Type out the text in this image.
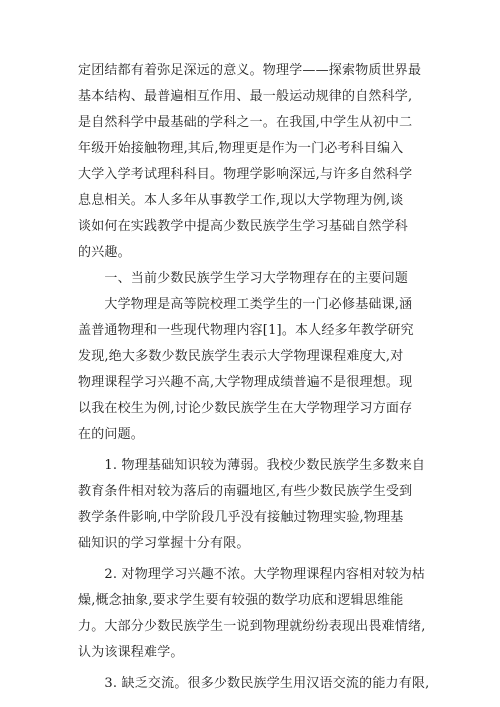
定团结都有着弥足深远的意义。物理学——探索物质世界最
基本结构、最普遍相互作用、最一般运动规律的自然科学,
是自然科学中最基础的学科之一。在我国,中学生从初中二
年级开始接触物理,其后,物理更是作为一门必考科目编入
大学入学考试理科科目。物理学影响深远,与许多自然科学
息息相关。本人多年从事教学工作,现以大学物理为例,谈
谈如何在实践教学中提高少数民族学生学习基础自然学科
的兴趣。
　　一、当前少数民族学生学习大学物理存在的主要问题
　　大学物理是高等院校理工类学生的一门必修基础课,涵
盖普通物理和一些现代物理内容[1]。本人经多年教学研究
发现,绝大多数少数民族学生表示大学物理课程难度大,对
物理课程学习兴趣不高,大学物理成绩普遍不是很理想。现
以我在校生为例,讨论少数民族学生在大学物理学习方面存
在的问题。
　　1. 物理基础知识较为薄弱。我校少数民族学生多数来自
教育条件相对较为落后的南疆地区,有些少数民族学生受到
教学条件影响,中学阶段几乎没有接触过物理实验,物理基
础知识的学习掌握十分有限。
　　2. 对物理学习兴趣不浓。大学物理课程内容相对较为枯
燥,概念抽象,要求学生要有较强的数学功底和逻辑思维能
力。大部分少数民族学生一说到物理就纷纷表现出畏难情绪,
认为该课程难学。
　　3. 缺乏交流。很多少数民族学生用汉语交流的能力有限,
